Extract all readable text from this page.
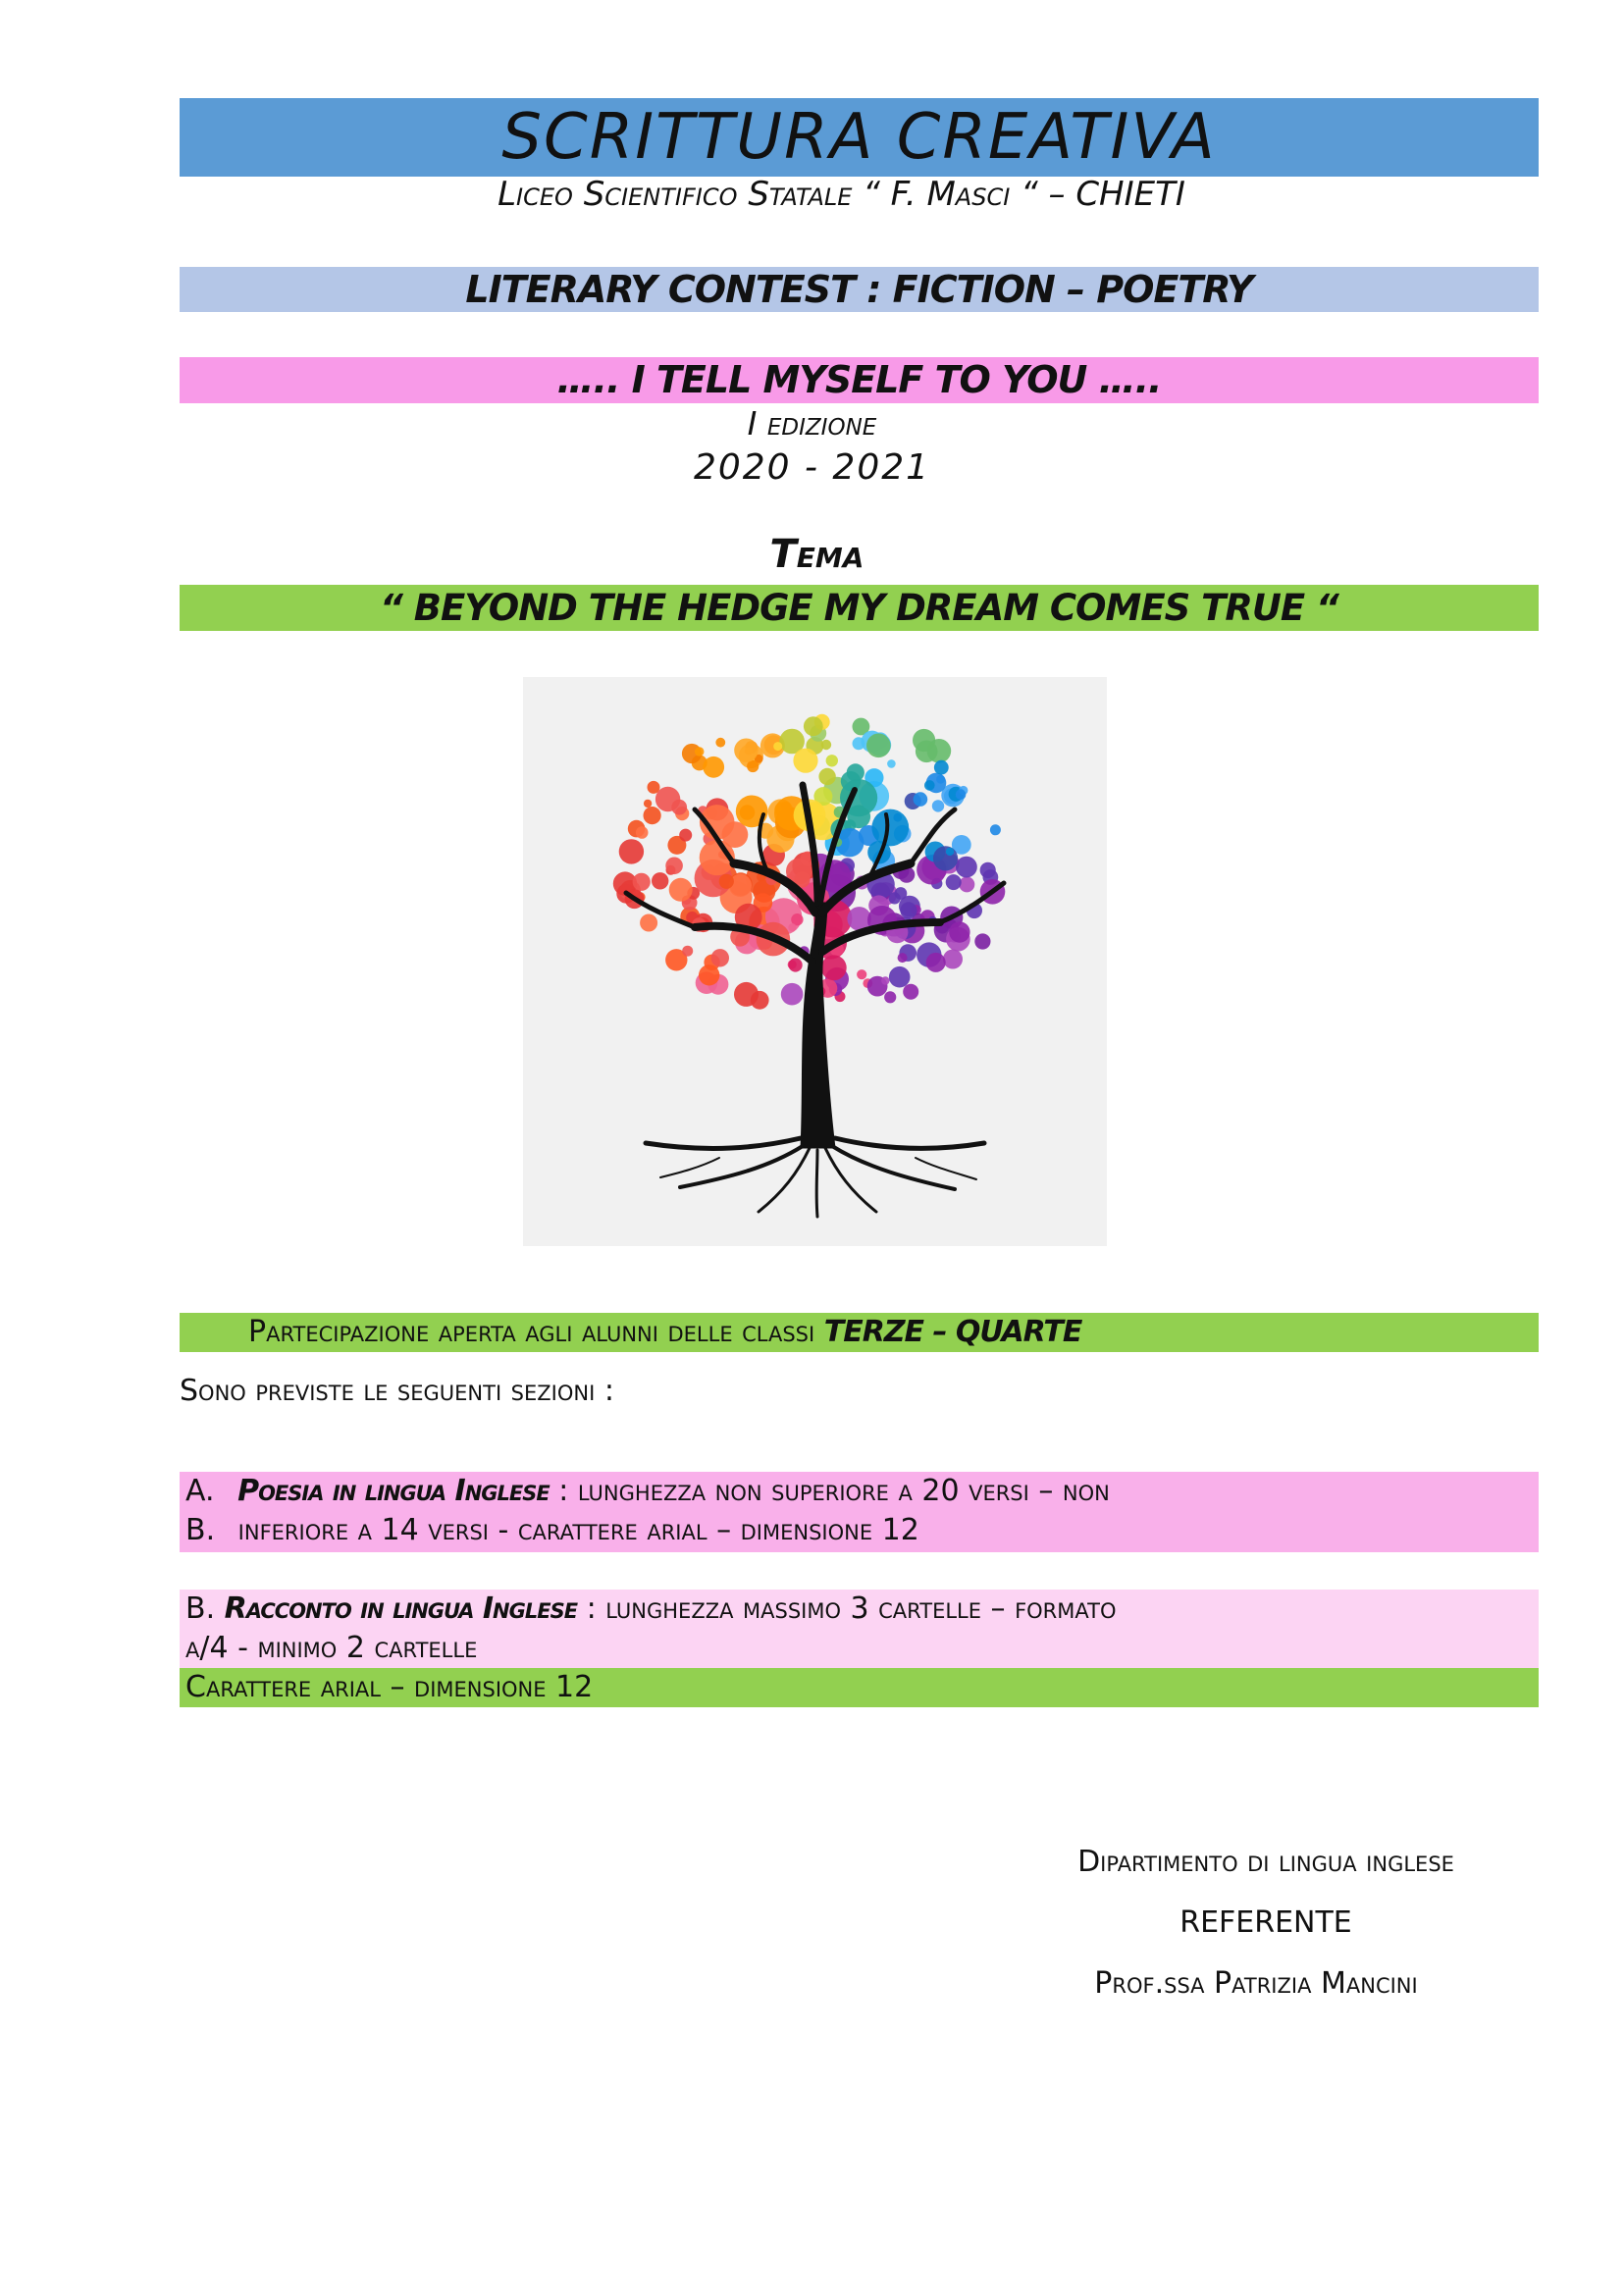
SCRITTURA CREATIVA
Liceo Scientifico Statale “ F. Masci “ – CHIETI
LITERARY CONTEST : FICTION – POETRY
….. I TELL MYSELF TO YOU …..
I edizione
2020 - 2021
Tema
“ BEYOND THE HEDGE MY DREAM COMES TRUE “
Partecipazione aperta agli alunni delle classi TERZE – QUARTE
Sono previste le seguenti sezioni :
A. Poesia in lingua Inglese : lunghezza non superiore a 20 versi – non
B. inferiore a 14 versi - carattere arial – dimensione 12
B. Racconto in lingua Inglese : lunghezza massimo 3 cartelle – formato
a/4 - minimo 2 cartelle
Carattere arial – dimensione 12
Dipartimento di lingua inglese
REFERENTE
Prof.ssa Patrizia Mancini
